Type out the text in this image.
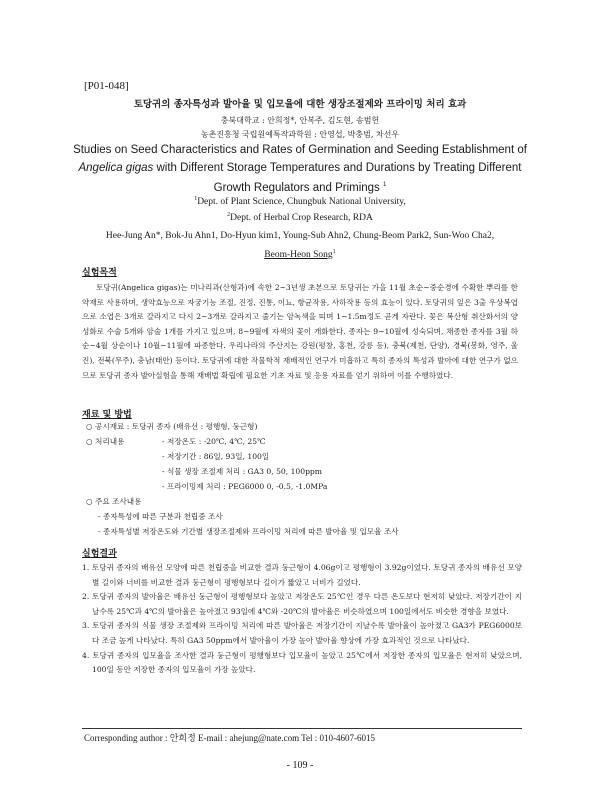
[P01-048]
토당귀의 종자특성과 발아율 및 입모율에 대한 생장조절제와 프라이밍 처리 효과
충북대학교 : 안희정*, 안복주, 김도현, 송범헌
농촌진흥청 국립원예특작과학원 : 안영섭, 박충범, 차선우
Studies on Seed Characteristics and Rates of Germination and Seeding Establishment of
Angelica gigas with Different Storage Temperatures and Durations by Treating Different
Growth Regulators and Primings $^1$
$^1$Dept. of Plant Science, Chungbuk National University,
$^2$Dept. of Herbal Crop Research, RDA
Hee-Jung An*, Bok-Ju Ahn1, Do-Hyun kim1, Young-Sub Ahn2, Chung-Beom Park2, Sun-Woo Cha2,
Beom-Heon Song$^1$
실험목적
토당귀(Angelica gigas)는 미나리과(산형과)에 속한 2~3년생 초본으로 토당귀는 가을 11월 초순~중순경에 수확한 뿌리를 한약재로 사용하며, 생약효능으로 자궁기능 조절, 진정, 진통, 이뇨, 항균작용, 사하작용 등의 효능이 있다. 토당귀의 잎은 3출 우상복엽으로 소엽은 3개로 갈라지고 다시 2~3개로 갈라지고 줄기는 암녹색을 띠며 1~1.5m정도 곧게 자란다. 꽃은 복산형 취산화서의 양성화로 수술 5개와 암술 1개를 가지고 있으며, 8~9월에 자색의 꽃이 개화한다. 종자는 9~10월에 성숙되며, 채종한 종자를 3월 하순~4월 상순이나 10월~11월에 파종한다. 우리나라의 주산지는 강원(평창, 홍천, 강릉 등), 충북(제천, 단양), 경북(봉화, 영주, 울진), 전북(무주), 충남(태안) 등이다. 토당귀에 대한 작물학적 재배적인 연구가 미흡하고 특히 종자의 특성과 발아에 대한 연구가 없으므로 토당귀 종자 발아실험을 통해 재배법 확립에 필요한 기초 자료 및 응용 자료를 얻기 위하여 이를 수행하였다.
재료 및 방법
○ 공시재료 : 토당귀 종자 (배유선 : 평행형, 둥근형)
○ 처리내용	- 저장온도 : -20℃, 4℃, 25℃
- 저장기간 : 86일, 93일, 100일
- 식물 생장 조절제 처리 : GA3 0, 50, 100ppm
- 프라이밍제 처리 : PEG6000 0, -0.5, -1.0MPa
○ 주요 조사내용
- 종자특성에 따른 구분과 천립중 조사
- 종자특성별 저장온도와 기간별 생장조절제와 프라이밍 처리에 따른 발아율 및 입모율 조사
실험결과
1. 토당귀 종자의 배유선 모양에 따른 천립중을 비교한 결과 둥근형이 4.06g이고 평행형이 3.92g이었다. 토당귀 종자의 배유선 모양별 길이와 너비를 비교한 결과 둥근형이 평행형보다 길이가 짧았고 너비가 길었다.
2. 토당귀 종자의 발아율은 배유선 둥근형이 평행형보다 높았고 저장온도 25℃인 경우 다른 온도보다 현저히 낮았다. 저장기간이 지날수록 25℃과 4℃의 발아율은 높아졌고 93일에 4℃와 -20℃의 발아율은 비슷하였으며 100일에서도 비슷한 경향을 보였다.
3. 토당귀 종자의 식물 생장 조절제와 프라이밍 처리에 따른 발아율은 저장기간이 지날수록 발아율이 높아졌고 GA3가 PEG6000보다 조금 높게 나타났다. 특히 GA3 50ppm에서 발아율이 가장 높아 발아율 향상에 가장 효과적인 것으로 나타났다.
4. 토당귀 종자의 입모율을 조사한 결과 둥근형이 평행형보다 입모율이 높았고 25℃에서 저장한 종자의 입모율은 현저히 낮았으며, 100일 동안 저장한 종자의 입모율이 가장 높았다.
Corresponding author : 안희정 E-mail : ahejung@nate.com Tel : 010-4607-6015
- 109 -
